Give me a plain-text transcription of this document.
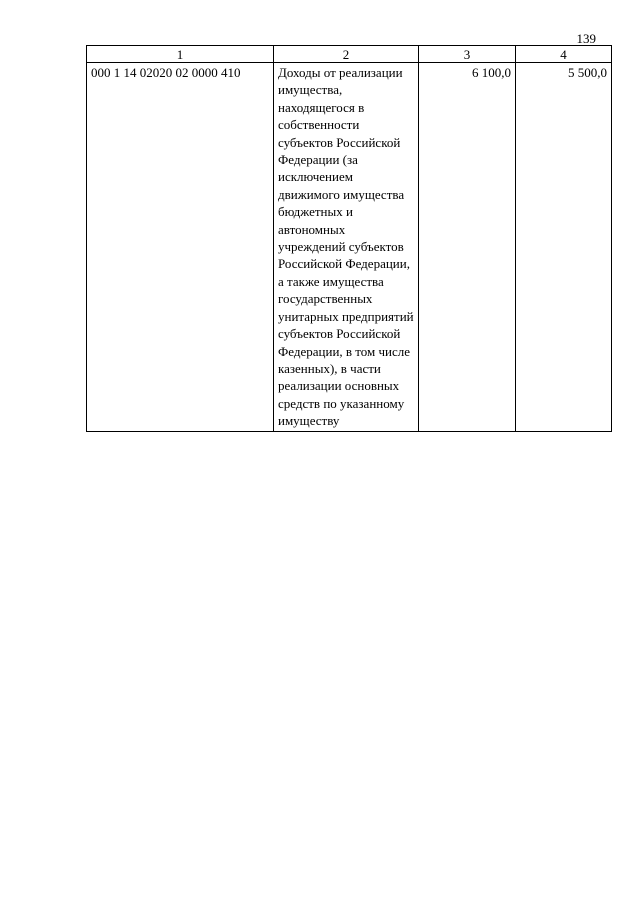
139
1	2	3	4
000 1 14 02020 02 0000 410	Доходы от реализации имущества, находящегося в собственности субъектов Российской Федерации (за исключением движимого имущества бюджетных и автономных учреждений субъектов Российской Федерации, а также имущества государственных унитарных предприятий субъектов Российской Федерации, в том числе казенных), в части реализации основных средств по указанному имуществу	6 100,0	5 500,0
